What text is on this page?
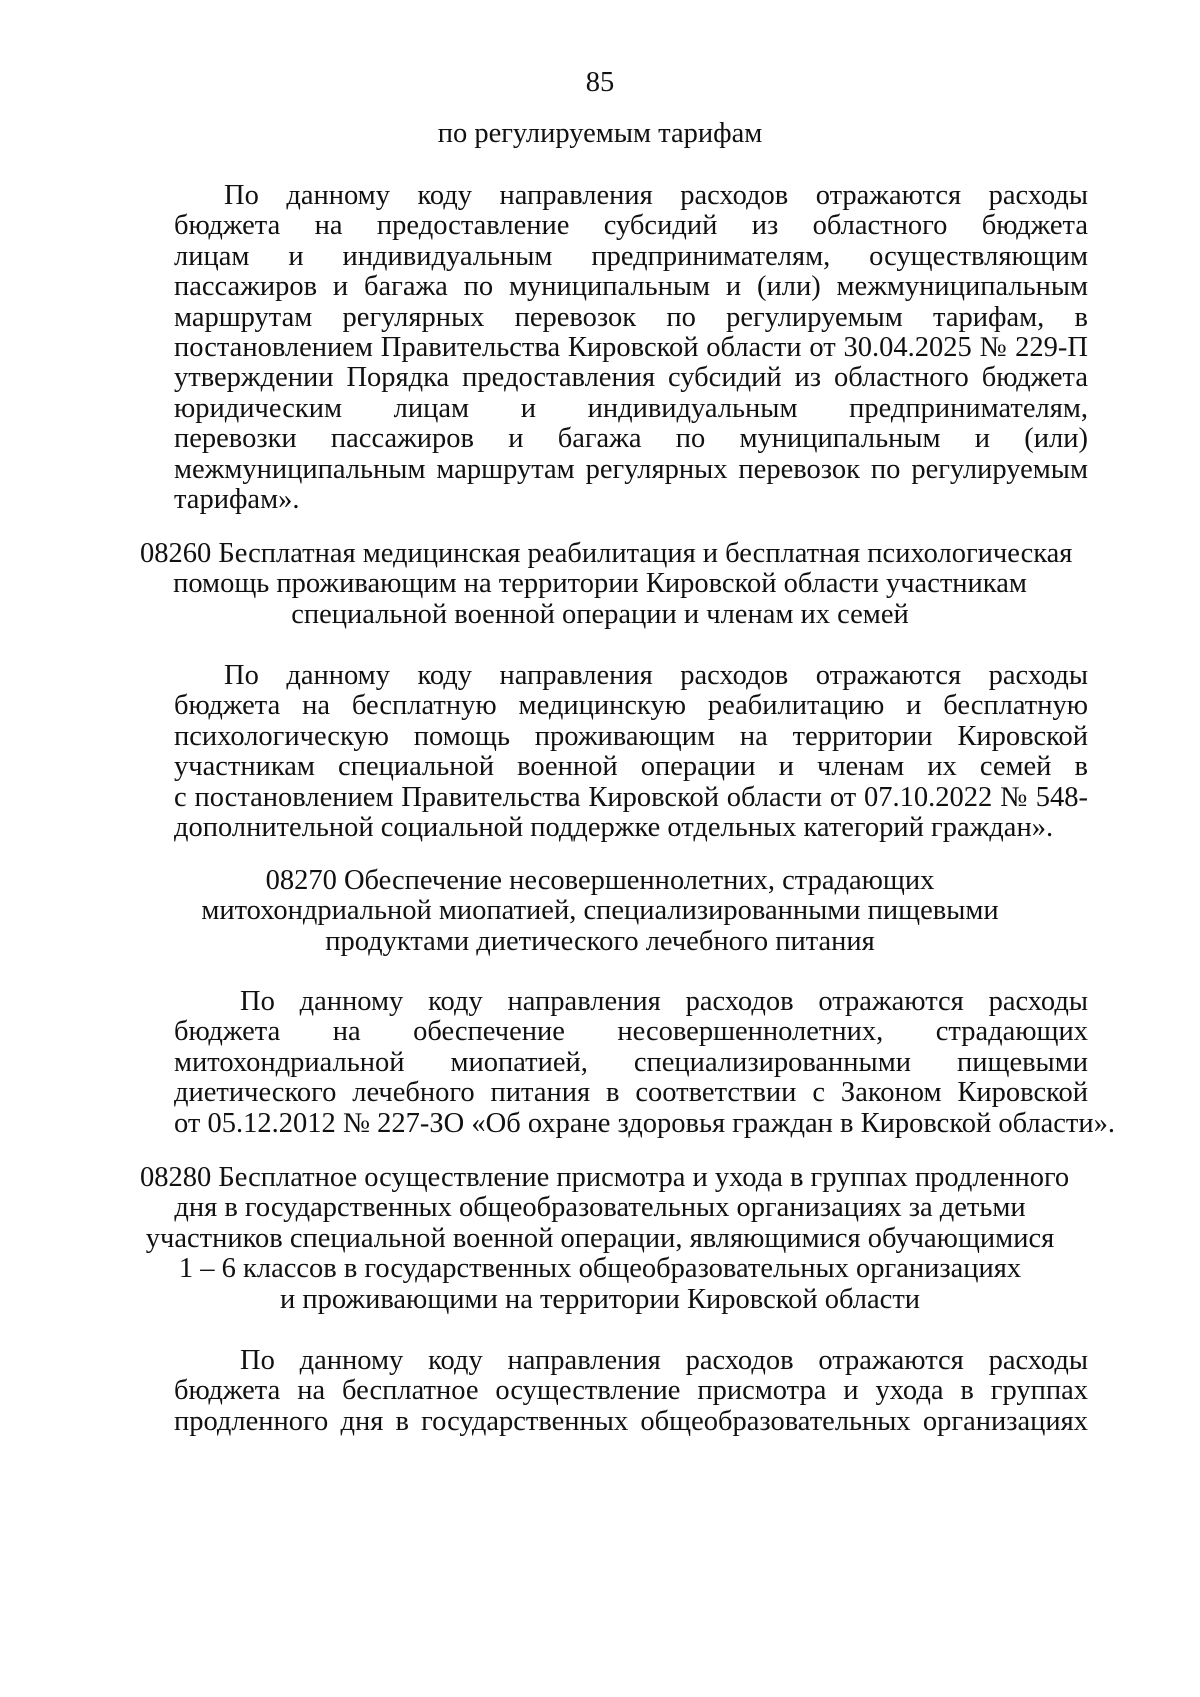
85
по регулируемым тарифам
По данному коду направления расходов отражаются расходы
бюджета на предоставление субсидий из областного бюджета
лицам и индивидуальным предпринимателям, осуществляющим
пассажиров и багажа по муниципальным и (или) межмуниципальным
маршрутам регулярных перевозок по регулируемым тарифам, в
постановлением Правительства Кировской области от 30.04.2025 № 229-П
утверждении Порядка предоставления субсидий из областного бюджета
юридическим лицам и индивидуальным предпринимателям,
перевозки пассажиров и багажа по муниципальным и (или)
межмуниципальным маршрутам регулярных перевозок по регулируемым
тарифам».
08260 Бесплатная медицинская реабилитация и бесплатная психологическая
помощь проживающим на территории Кировской области участникам
специальной военной операции и членам их семей
По данному коду направления расходов отражаются расходы
бюджета на бесплатную медицинскую реабилитацию и бесплатную
психологическую помощь проживающим на территории Кировской
участникам специальной военной операции и членам их семей в
с постановлением Правительства Кировской области от 07.10.2022 № 548-
дополнительной социальной поддержке отдельных категорий граждан».
08270 Обеспечение несовершеннолетних, страдающих
митохондриальной миопатией, специализированными пищевыми
продуктами диетического лечебного питания
По данному коду направления расходов отражаются расходы
бюджета на обеспечение несовершеннолетних, страдающих
митохондриальной миопатией, специализированными пищевыми
диетического лечебного питания в соответствии с Законом Кировской
от 05.12.2012 № 227-ЗО «Об охране здоровья граждан в Кировской области».
08280 Бесплатное осуществление присмотра и ухода в группах продленного
дня в государственных общеобразовательных организациях за детьми
участников специальной военной операции, являющимися обучающимися
1 – 6 классов в государственных общеобразовательных организациях
и проживающими на территории Кировской области
По данному коду направления расходов отражаются расходы
бюджета на бесплатное осуществление присмотра и ухода в группах
продленного дня в государственных общеобразовательных организациях
